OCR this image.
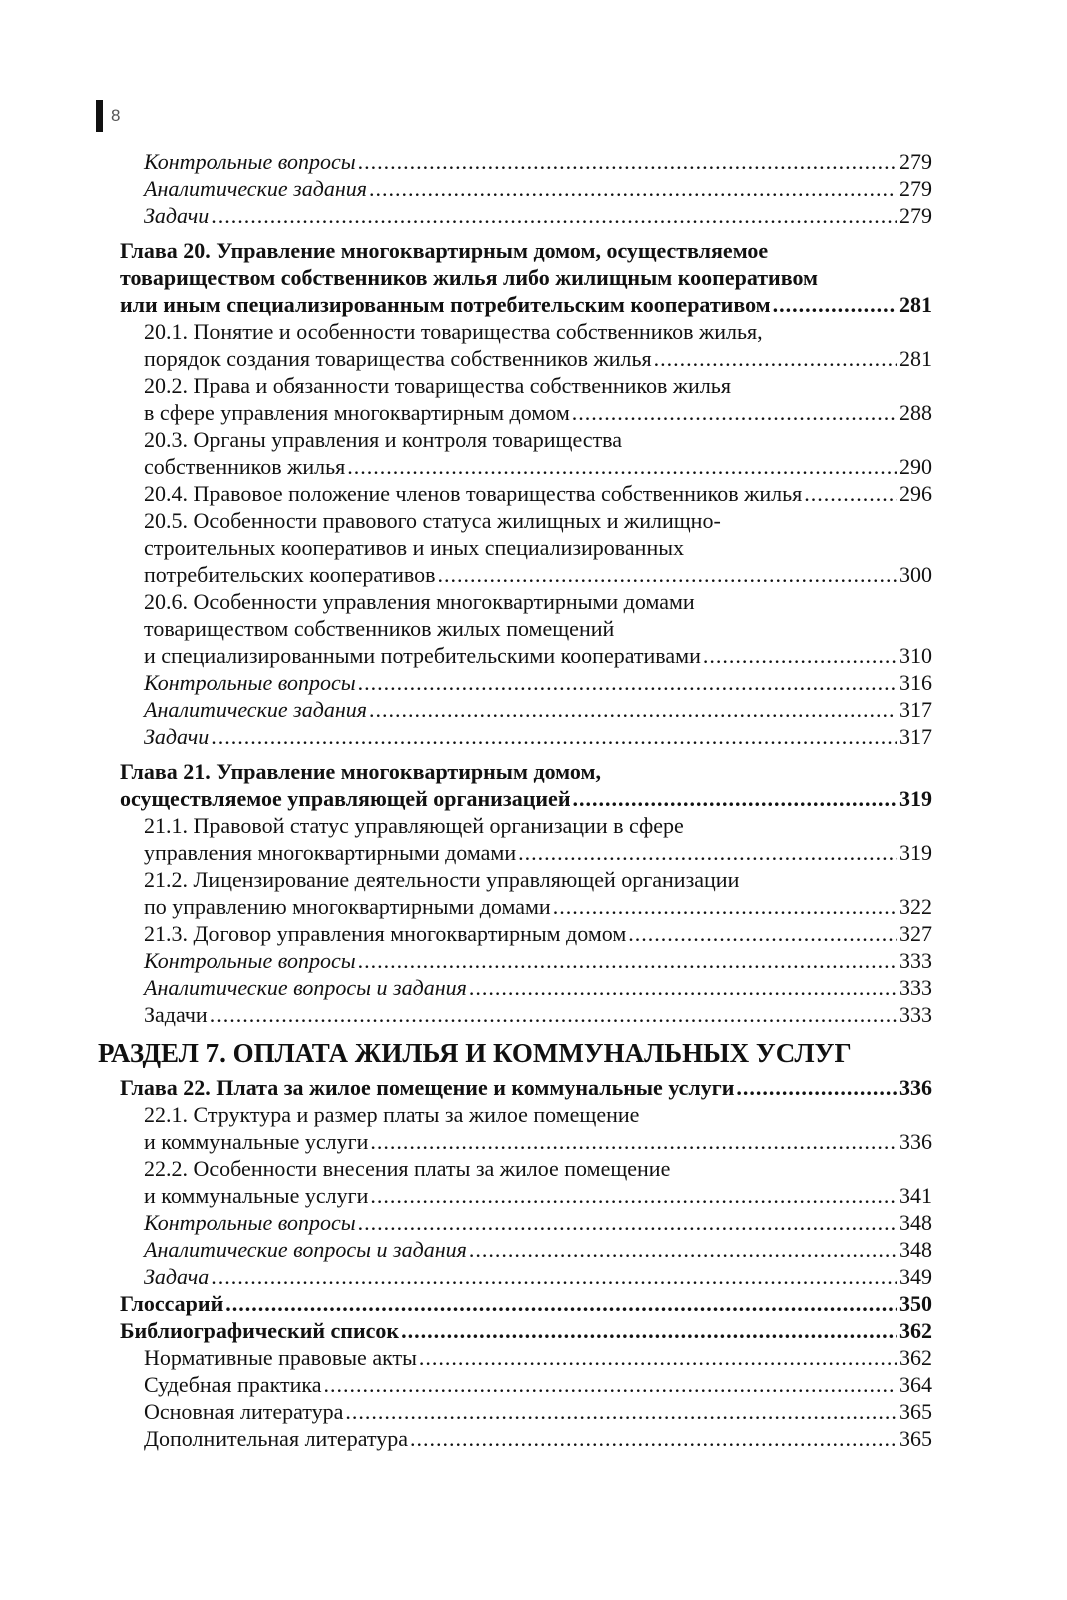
8
Контрольные вопросы .....	279
Аналитические задания .....	279
Задачи .....	279
Глава 20. Управление многоквартирным домом, осуществляемое
товариществом собственников жилья либо жилищным кооперативом
или иным специализированным потребительским кооперативом .....	281
20.1. Понятие и особенности товарищества собственников жилья,
порядок создания товарищества собственников жилья .....	281
20.2. Права и обязанности товарищества собственников жилья
в сфере управления многоквартирным домом .....	288
20.3. Органы управления и контроля товарищества
собственников жилья .....	290
20.4. Правовое положение членов товарищества собственников жилья .....	296
20.5. Особенности правового статуса жилищных и жилищно-
строительных кооперативов и иных специализированных
потребительских кооперативов .....	300
20.6. Особенности управления многоквартирными домами
товариществом собственников жилых помещений
и специализированными потребительскими кооперативами .....	310
Контрольные вопросы .....	316
Аналитические задания .....	317
Задачи .....	317
Глава 21. Управление многоквартирным домом,
осуществляемое управляющей организацией .....	319
21.1. Правовой статус управляющей организации в сфере
управления многоквартирными домами .....	319
21.2. Лицензирование деятельности управляющей организации
по управлению многоквартирными домами .....	322
21.3. Договор управления многоквартирным домом .....	327
Контрольные вопросы .....	333
Аналитические вопросы и задания .....	333
Задачи .....	333
РАЗДЕЛ 7. ОПЛАТА ЖИЛЬЯ И КОММУНАЛЬНЫХ УСЛУГ
Глава 22. Плата за жилое помещение и коммунальные услуги .....	336
22.1. Структура и размер платы за жилое помещение
и коммунальные услуги .....	336
22.2. Особенности внесения платы за жилое помещение
и коммунальные услуги .....	341
Контрольные вопросы .....	348
Аналитические вопросы и задания .....	348
Задача .....	349
Глоссарий .....	350
Библиографический список .....	362
Нормативные правовые акты .....	362
Судебная практика .....	364
Основная литература .....	365
Дополнительная литература .....	365
